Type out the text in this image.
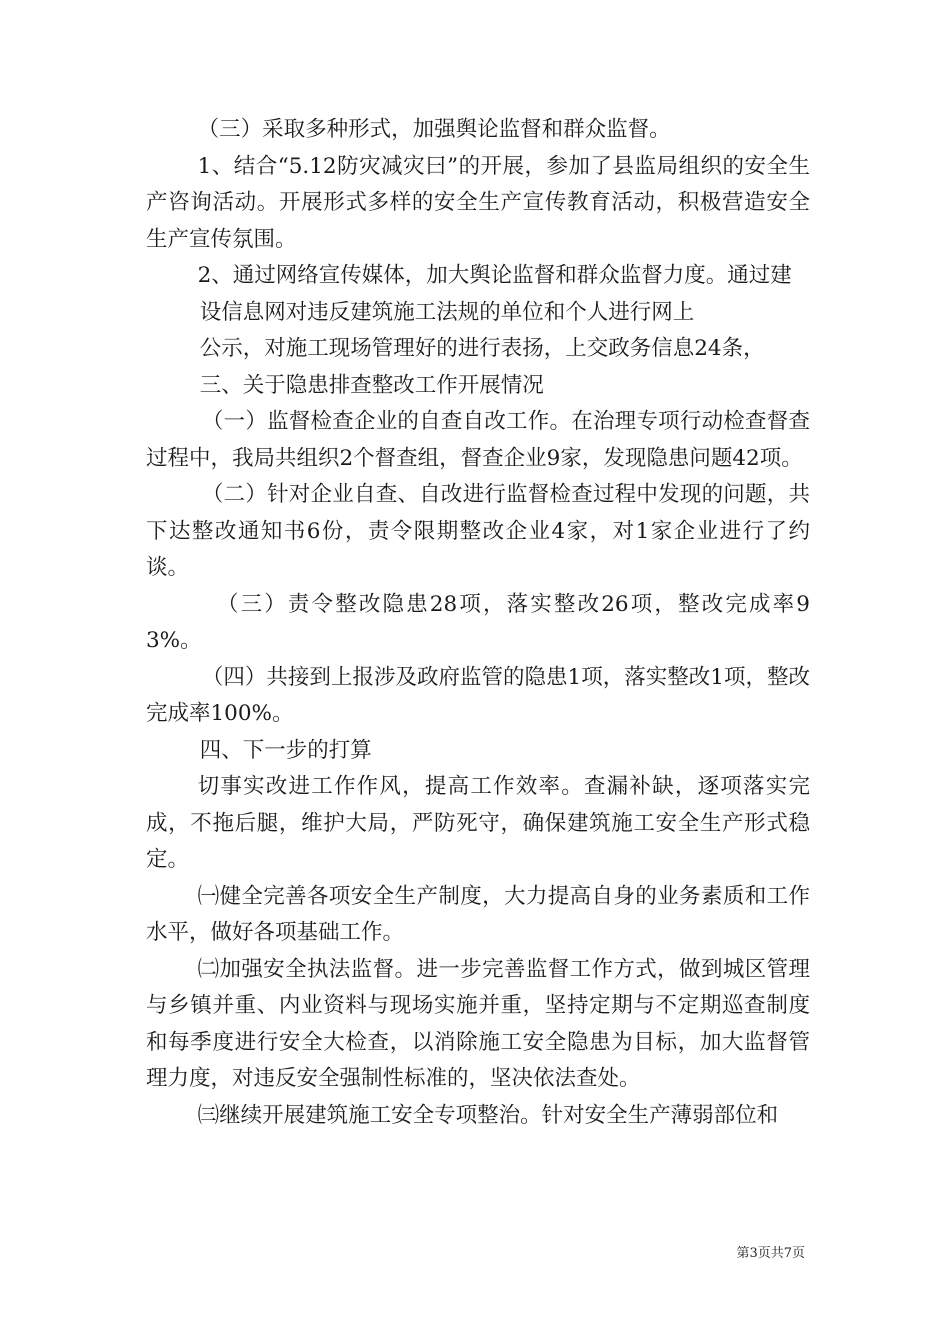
（三）采取多种形式，加强舆论监督和群众监督。

1、结合“5.12防灾减灾曰”的开展，参加了县监局组织的安全生产咨询活动。开展形式多样的安全生产宣传教育活动，积极营造安全生产宣传氛围。

2、通过网络宣传媒体，加大舆论监督和群众监督力度。通过建

设信息网对违反建筑施工法规的单位和个人进行网上

公示，对施工现场管理好的进行表扬，上交政务信息24条，

三、关于隐患排查整改工作开展情况

（一）监督检查企业的自查自改工作。在治理专项行动检查督查过程中，我局共组织2个督查组，督查企业9家，发现隐患问题42项。

（二）针对企业自查、自改进行监督检查过程中发现的问题，共下达整改通知书6份，责令限期整改企业4家，对1家企业进行了约谈。

（三）责令整改隐患28项，落实整改26项，整改完成率93%。

（四）共接到上报涉及政府监管的隐患1项，落实整改1项，整改完成率100%。

四、下一步的打算

切事实改进工作作风，提高工作效率。查漏补缺，逐项落实完成，不拖后腿，维护大局，严防死守，确保建筑施工安全生产形式稳定。

㈠健全完善各项安全生产制度，大力提高自身的业务素质和工作水平，做好各项基础工作。

㈡加强安全执法监督。进一步完善监督工作方式，做到城区管理与乡镇并重、内业资料与现场实施并重，坚持定期与不定期巡查制度和每季度进行安全大检查，以消除施工安全隐患为目标，加大监督管理力度，对违反安全强制性标准的，坚决依法查处。

㈢继续开展建筑施工安全专项整治。针对安全生产薄弱部位和

第3页共7页
